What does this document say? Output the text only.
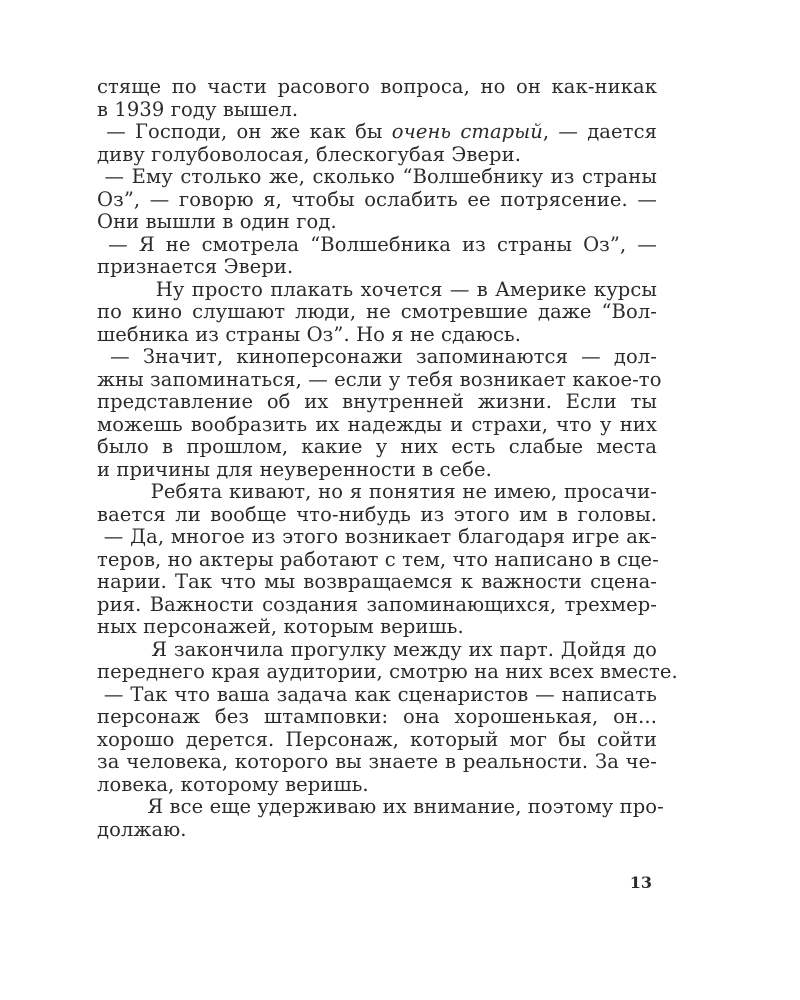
стяще по части расового вопроса, но он как-никак
в 1939 году вышел.
— Господи, он же как бы очень старый, — дается
диву голубоволосая, блескогубая Эвери.
— Ему столько же, сколько “Волшебнику из страны
Оз”, — говорю я, чтобы ослабить ее потрясение. —
Они вышли в один год.
— Я не смотрела “Волшебника из страны Оз”, —
признается Эвери.
Ну просто плакать хочется — в Америке курсы
по кино слушают люди, не смотревшие даже “Вол-
шебника из страны Оз”. Но я не сдаюсь.
— Значит, киноперсонажи запоминаются — дол-
жны запоминаться, — если у тебя возникает какое-то
представление об их внутренней жизни. Если ты
можешь вообразить их надежды и страхи, что у них
было в прошлом, какие у них есть слабые места
и причины для неуверенности в себе.
Ребята кивают, но я понятия не имею, просачи-
вается ли вообще что-нибудь из этого им в головы.
— Да, многое из этого возникает благодаря игре ак-
теров, но актеры работают с тем, что написано в сце-
нарии. Так что мы возвращаемся к важности сцена-
рия. Важности создания запоминающихся, трехмер-
ных персонажей, которым веришь.
Я закончила прогулку между их парт. Дойдя до
переднего края аудитории, смотрю на них всех вместе.
— Так что ваша задача как сценаристов — написать
персонаж без штамповки: она хорошенькая, он...
хорошо дерется. Персонаж, который мог бы сойти
за человека, которого вы знаете в реальности. За че-
ловека, которому веришь.
Я все еще удерживаю их внимание, поэтому про-
должаю.
13
